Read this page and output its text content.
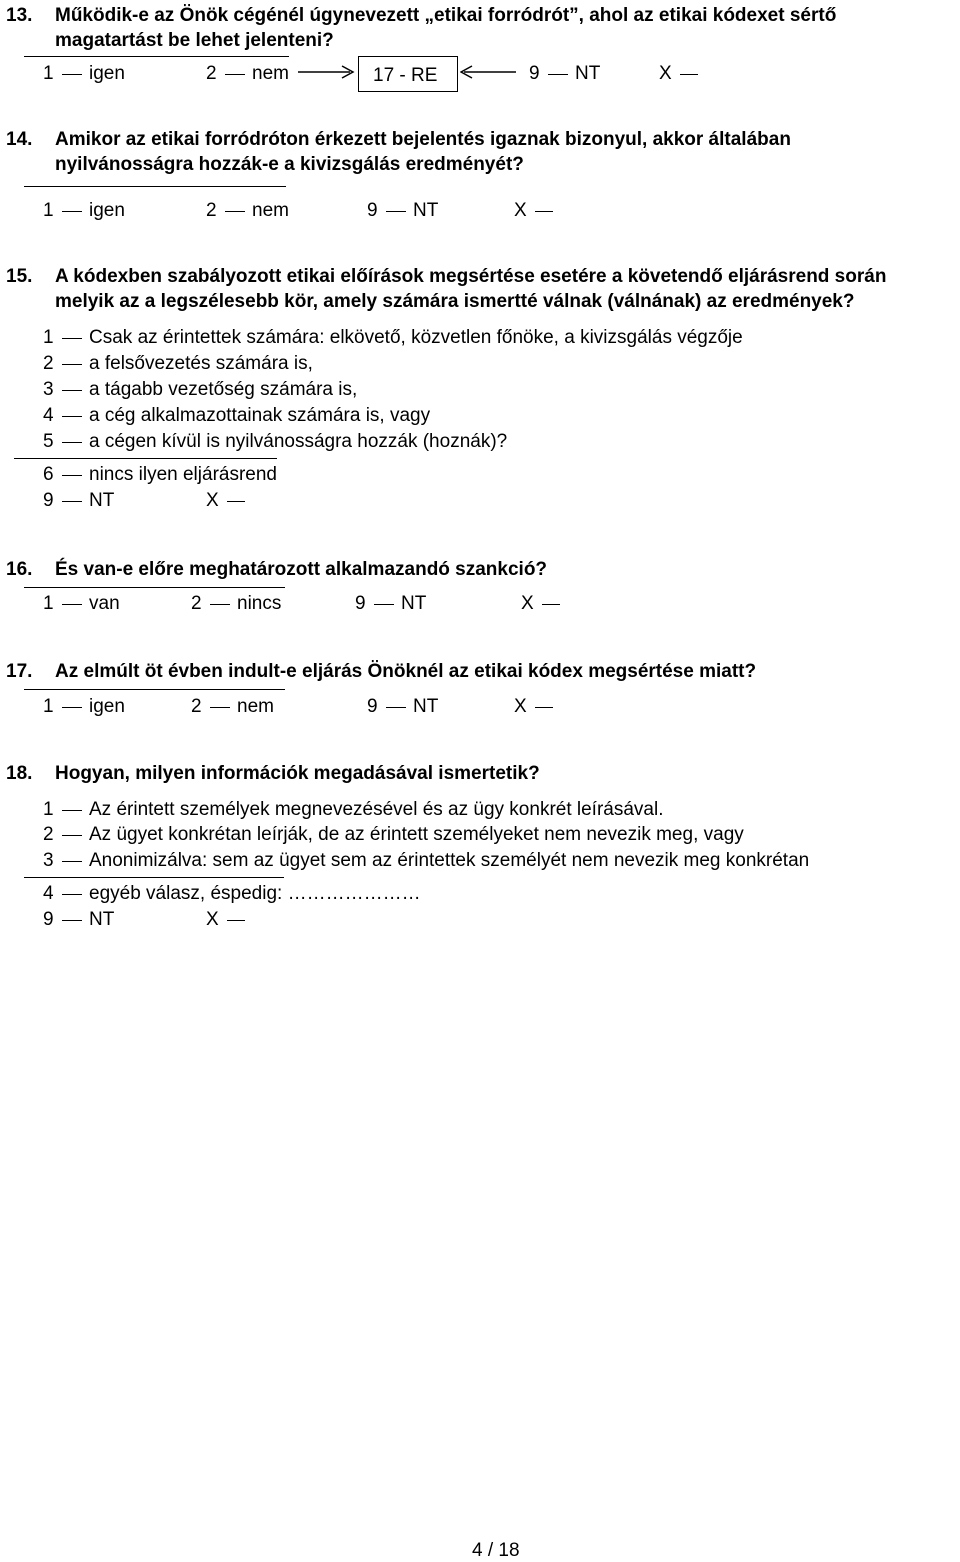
13. Működik-e az Önök cégénél úgynevezett „etikai forródrót”, ahol az etikai kódexet sértő
magatartást be lehet jelenteni?
1 igen	2 nem	17 - RE	9 NT	X
14. Amikor az etikai forródróton érkezett bejelentés igaznak bizonyul, akkor általában
nyilvánosságra hozzák-e a kivizsgálás eredményét?
1 igen	2 nem	9 NT	X
15. A kódexben szabályozott etikai előírások megsértése esetére a követendő eljárásrend során
melyik az a legszélesebb kör, amely számára ismertté válnak (válnának) az eredmények?
1 Csak az érintettek számára: elkövető, közvetlen főnöke, a kivizsgálás végzője
2 a felsővezetés számára is,
3 a tágabb vezetőség számára is,
4 a cég alkalmazottainak számára is, vagy
5 a cégen kívül is nyilvánosságra hozzák (hoznák)?
6 nincs ilyen eljárásrend
9 NT	X
16. És van-e előre meghatározott alkalmazandó szankció?
1 van	2 nincs	9 NT	X
17. Az elmúlt öt évben indult-e eljárás Önöknél az etikai kódex megsértése miatt?
1 igen	2 nem	9 NT	X
18. Hogyan, milyen információk megadásával ismertetik?
1 Az érintett személyek megnevezésével és az ügy konkrét leírásával.
2 Az ügyet konkrétan leírják, de az érintett személyeket nem nevezik meg, vagy
3 Anonimizálva: sem az ügyet sem az érintettek személyét nem nevezik meg konkrétan
4 egyéb válasz, éspedig: …………………
9 NT	X
4 / 18
